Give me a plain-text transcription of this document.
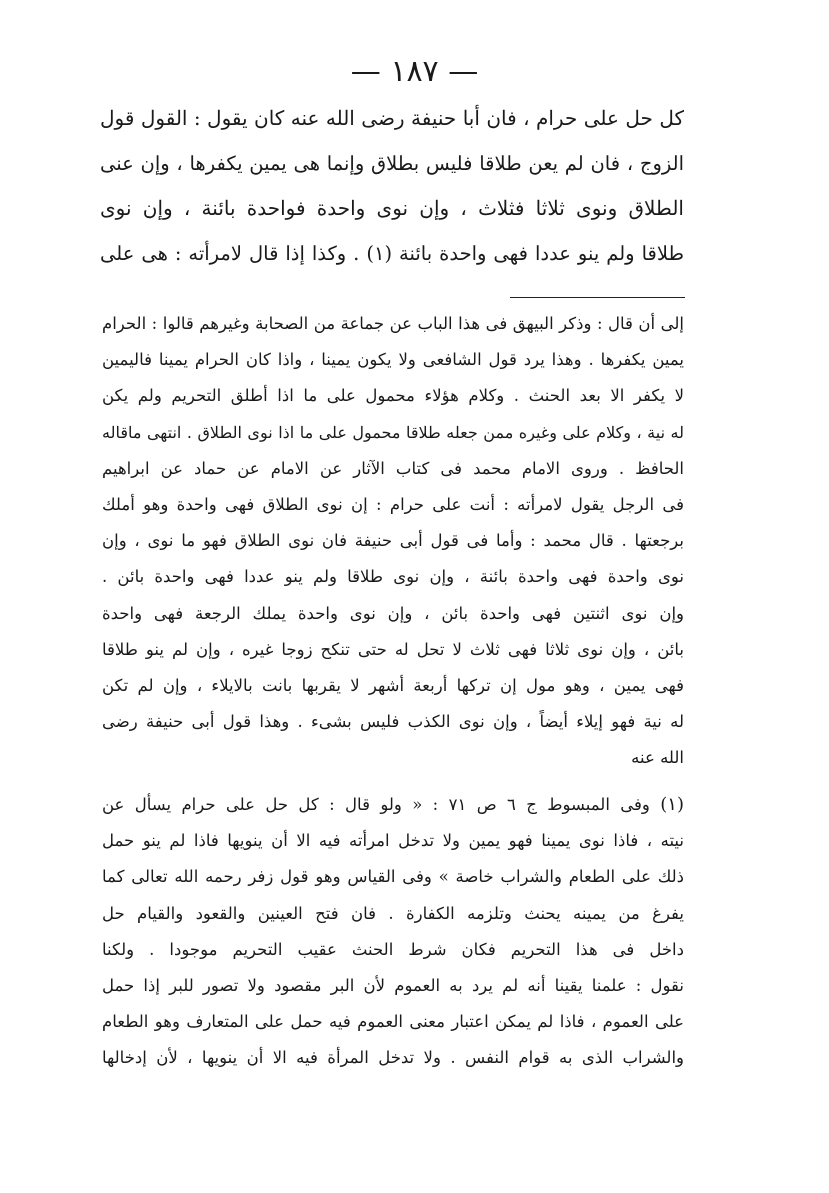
— ١٨٧ —
كل حل على حرام ، فان أبا حنيفة رضى الله عنه كان يقول : القول قول
الزوج ، فان لم يعن طلاقا فليس بطلاق وإنما هى يمين يكفرها ، وإن عنى
الطلاق ونوى ثلاثا فثلاث ، وإن نوى واحدة فواحدة بائنة ، وإن نوى
طلاقا ولم ينو عددا فهى واحدة بائنة (١) . وكذا إذا قال لامرأته : هى على
إلى أن قال : وذكر البيهق فى هذا الباب عن جماعة من الصحابة وغيرهم قالوا : الحرام
يمين يكفرها . وهذا يرد قول الشافعى ولا يكون يمينا ، واذا كان الحرام يمينا فاليمين
لا يكفر الا بعد الحنث . وكلام هؤلاء محمول على ما اذا أطلق التحريم ولم يكن
له نية ، وكلام على وغيره ممن جعله طلاقا محمول على ما اذا نوى الطلاق . انتهى ماقاله
الحافظ . وروى الامام محمد فى كتاب الآثار عن الامام عن حماد عن ابراهيم
فى الرجل يقول لامرأته : أنت على حرام : إن نوى الطلاق فهى واحدة وهو أملك
برجعتها . قال محمد : وأما فى قول أبى حنيفة فان نوى الطلاق فهو ما نوى ، وإن
نوى واحدة فهى واحدة بائنة ، وإن نوى طلاقا ولم ينو عددا فهى واحدة بائن .
وإن نوى اثنتين فهى واحدة بائن ، وإن نوى واحدة يملك الرجعة فهى واحدة
بائن ، وإن نوى ثلاثا فهى ثلاث لا تحل له حتى تنكح زوجا غيره ، وإن لم ينو طلاقا
فهى يمين ، وهو مول إن تركها أربعة أشهر لا يقربها بانت بالايلاء ، وإن لم تكن
له نية فهو إيلاء أيضاً ، وإن نوى الكذب فليس بشىء . وهذا قول أبى حنيفة رضى
الله عنه
(١) وفى المبسوط ج ٦ ص ٧١ : « ولو قال : كل حل على حرام يسأل عن
نيته ، فاذا نوى يمينا فهو يمين ولا تدخل امرأته فيه الا أن ينويها فاذا لم ينو حمل
ذلك على الطعام والشراب خاصة » وفى القياس وهو قول زفر رحمه الله تعالى كما
يفرغ من يمينه يحنث وتلزمه الكفارة . فان فتح العينين والقعود والقيام حل
داخل فى هذا التحريم فكان شرط الحنث عقيب التحريم موجودا . ولكنا
نقول : علمنا يقينا أنه لم يرد به العموم لأن البر مقصود ولا تصور للبر إذا حمل
على العموم ، فاذا لم يمكن اعتبار معنى العموم فيه حمل على المتعارف وهو الطعام
والشراب الذى به قوام النفس . ولا تدخل المرأة فيه الا أن ينويها ، لأن إدخالها
